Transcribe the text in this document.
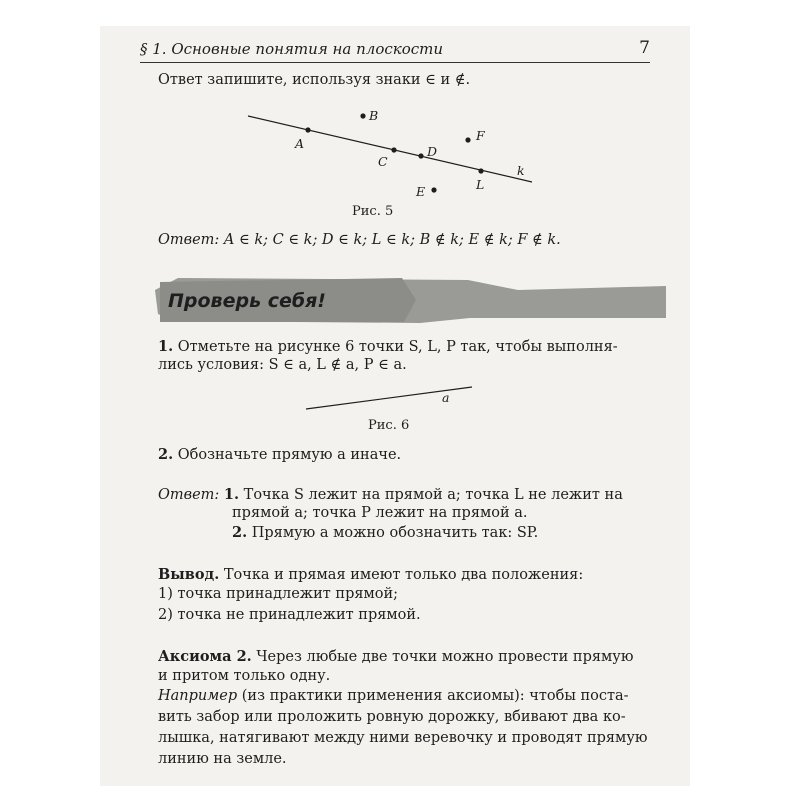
§ 1. Основные понятия на плоскости	7
Ответ запишите, используя знаки ∈ и ∉.
A
B
C
D
F
L
E
k
Рис. 5
Ответ: A ∈ k; C ∈ k; D ∈ k; L ∈ k; B ∉ k; E ∉ k; F ∉ k.
Проверь себя!
1. Отметьте на рисунке 6 точки S, L, P так, чтобы выполня-
лись условия: S ∈ a, L ∉ a, P ∈ a.
a
Рис. 6
2. Обозначьте прямую a иначе.
Ответ: 1. Точка S лежит на прямой a; точка L не лежит на
прямой a; точка P лежит на прямой a.
2. Прямую a можно обозначить так: SP.
Вывод. Точка и прямая имеют только два положения:
1) точка принадлежит прямой;
2) точка не принадлежит прямой.
Аксиома 2. Через любые две точки можно провести прямую
и притом только одну.
Например (из практики применения аксиомы): чтобы поста-
вить забор или проложить ровную дорожку, вбивают два ко-
лышка, натягивают между ними веревочку и проводят прямую
линию на земле.
